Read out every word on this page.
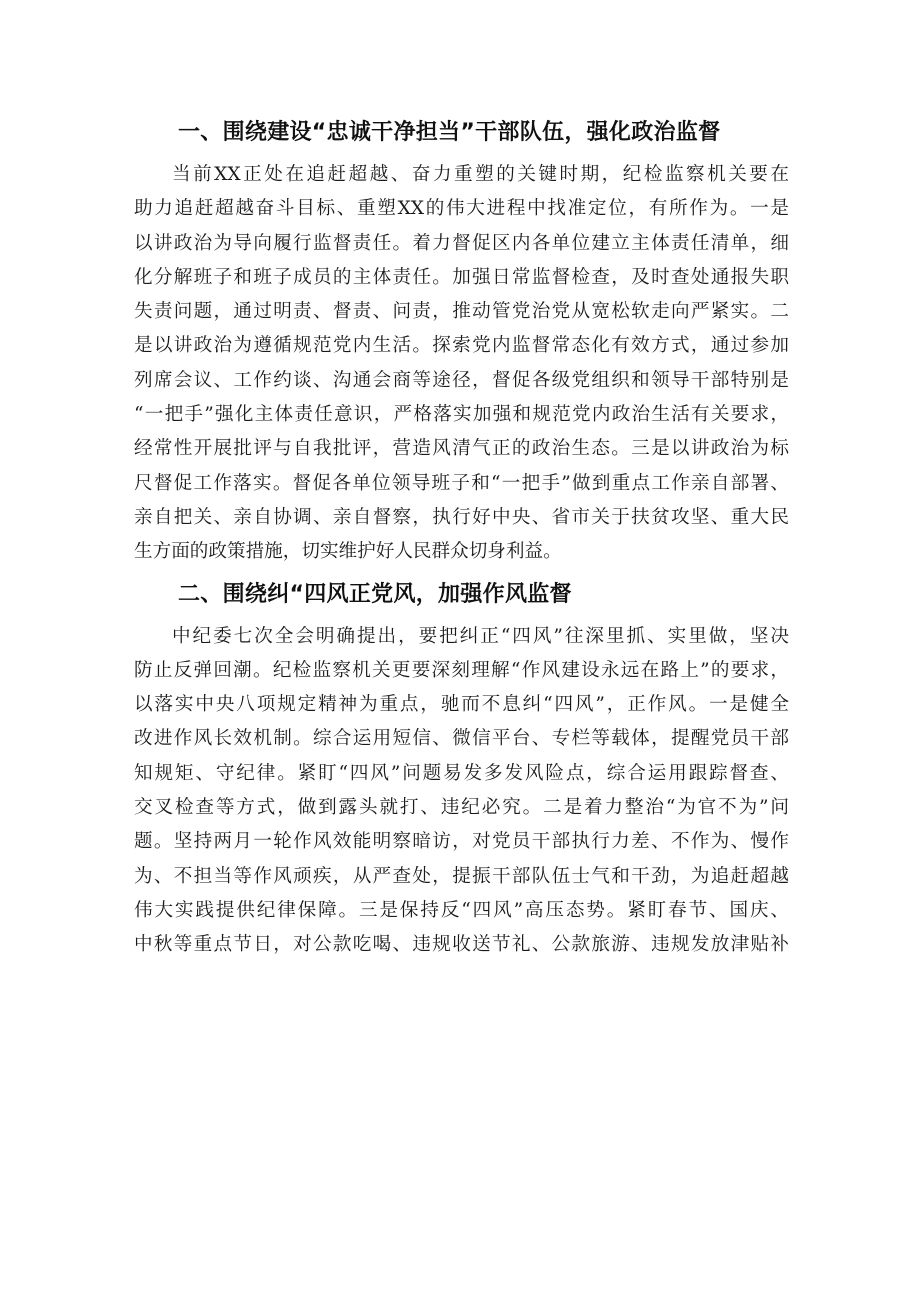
一、围绕建设“忠诚干净担当”干部队伍，强化政治监督
当前XX正处在追赶超越、奋力重塑的关键时期，纪检监察机关要在
助力追赶超越奋斗目标、重塑XX的伟大进程中找准定位，有所作为。一是
以讲政治为导向履行监督责任。着力督促区内各单位建立主体责任清单，细
化分解班子和班子成员的主体责任。加强日常监督检查，及时查处通报失职
失责问题，通过明责、督责、问责，推动管党治党从宽松软走向严紧实。二
是以讲政治为遵循规范党内生活。探索党内监督常态化有效方式，通过参加
列席会议、工作约谈、沟通会商等途径，督促各级党组织和领导干部特别是
“一把手”强化主体责任意识，严格落实加强和规范党内政治生活有关要求，
经常性开展批评与自我批评，营造风清气正的政治生态。三是以讲政治为标
尺督促工作落实。督促各单位领导班子和“一把手”做到重点工作亲自部署、
亲自把关、亲自协调、亲自督察，执行好中央、省市关于扶贫攻坚、重大民
生方面的政策措施，切实维护好人民群众切身利益。
二、围绕纠“四风正党风，加强作风监督
中纪委七次全会明确提出，要把纠正“四风”往深里抓、实里做，坚决
防止反弹回潮。纪检监察机关更要深刻理解“作风建设永远在路上”的要求，
以落实中央八项规定精神为重点，驰而不息纠“四风”，正作风。一是健全
改进作风长效机制。综合运用短信、微信平台、专栏等载体，提醒党员干部
知规矩、守纪律。紧盯“四风”问题易发多发风险点，综合运用跟踪督查、
交叉检查等方式，做到露头就打、违纪必究。二是着力整治“为官不为”问
题。坚持两月一轮作风效能明察暗访，对党员干部执行力差、不作为、慢作
为、不担当等作风顽疾，从严查处，提振干部队伍士气和干劲，为追赶超越
伟大实践提供纪律保障。三是保持反“四风”高压态势。紧盯春节、国庆、
中秋等重点节日，对公款吃喝、违规收送节礼、公款旅游、违规发放津贴补
